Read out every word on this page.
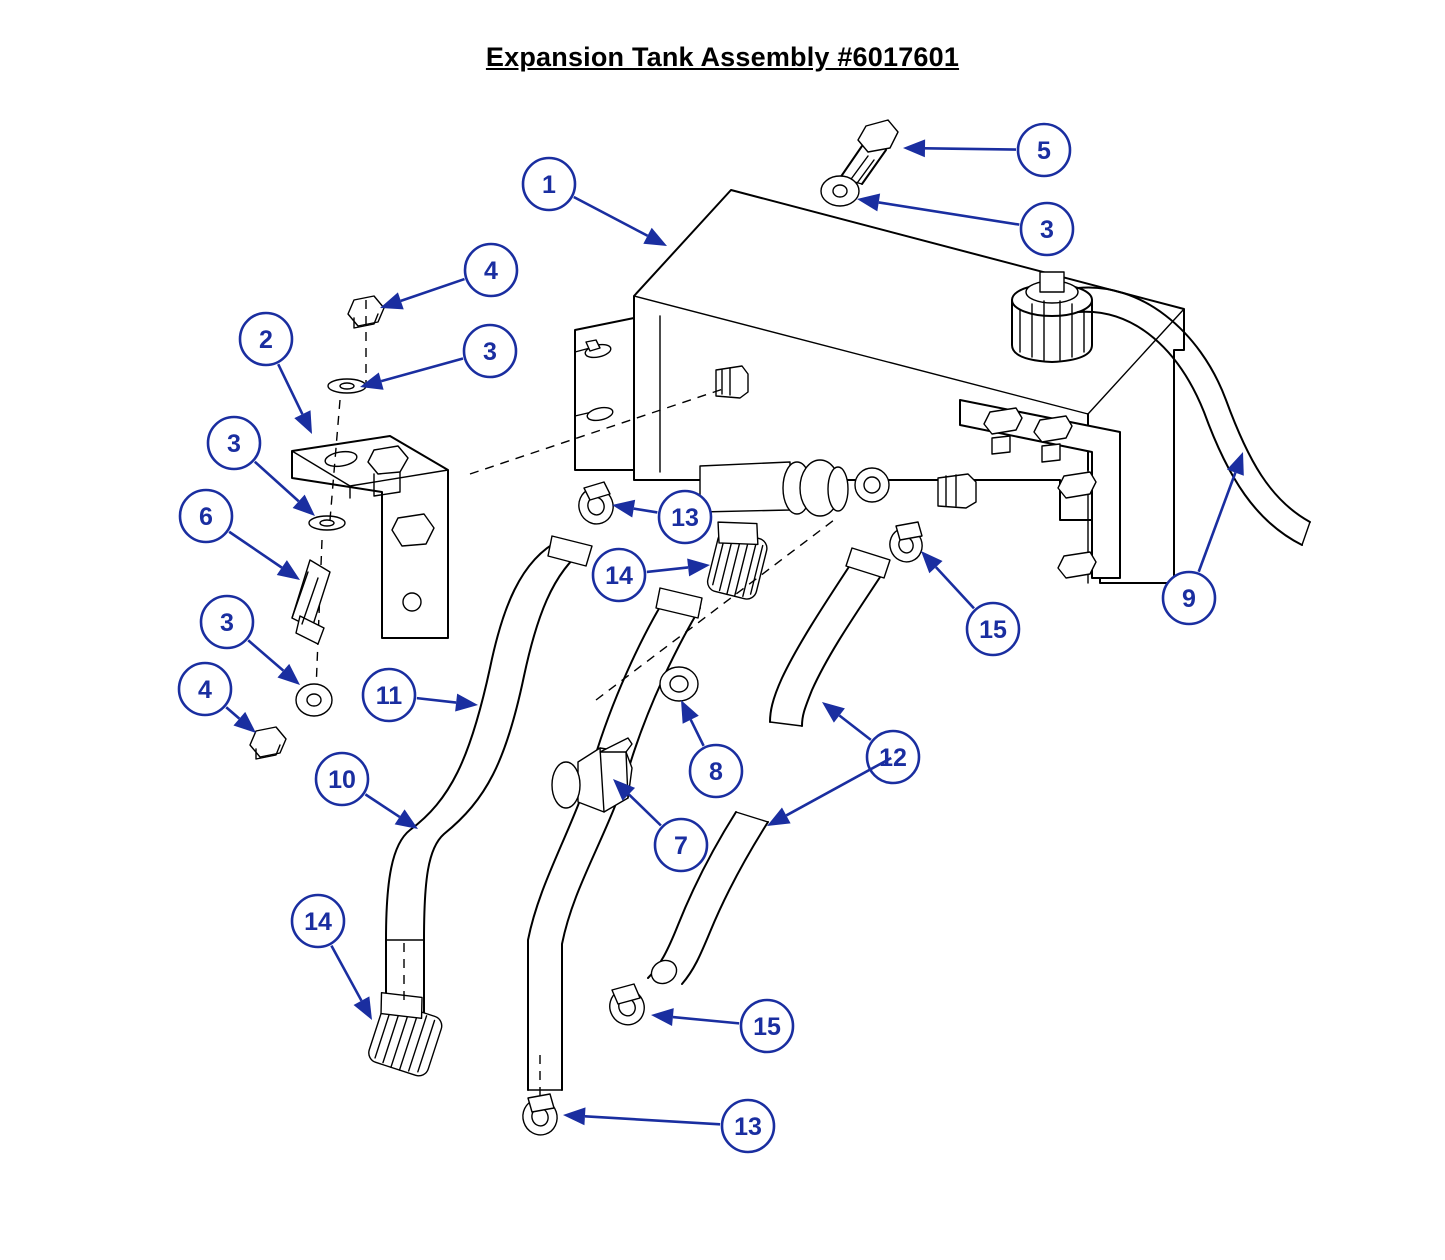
Expansion Tank Assembly #6017601
1
5
3
4
3
2
3
6
3
4
10
14
13
14
11
8
7
12
15
9
15
13
